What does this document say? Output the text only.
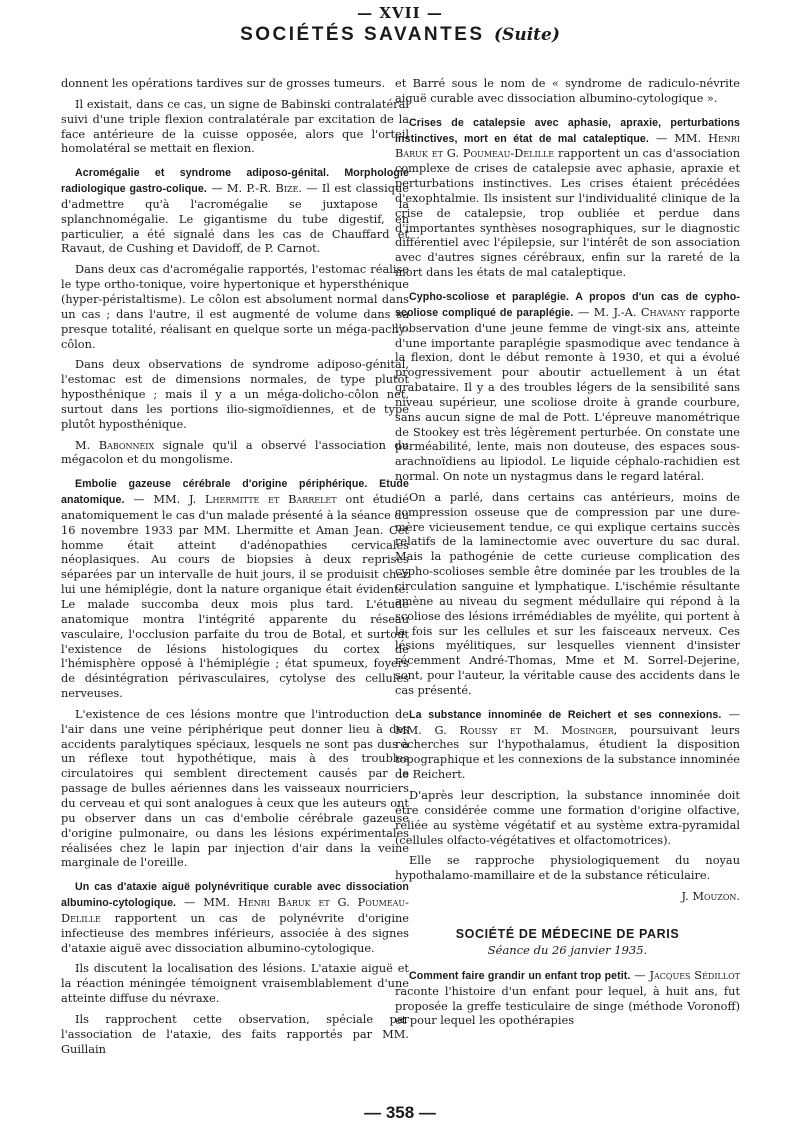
— XVII —
SOCIÉTÉS SAVANTES (Suite)

donnent les opérations tardives sur de grosses tumeurs.

Il existait, dans ce cas, un signe de Babinski contralatéral suivi d'une triple flexion contralatérale par excitation de la face antérieure de la cuisse opposée, alors que l'orteil homolatéral se mettait en flexion.

Acromégalie et syndrome adiposo-génital. Morphologie radiologique gastro-colique. — M. P.-R. Bize. — Il est classique d'admettre qu'à l'acromégalie se juxtapose la splanchnomégalie. Le gigantisme du tube digestif, en particulier, a été signalé dans les cas de Chauffard et Ravaut, de Cushing et Davidoff, de P. Carnot.

Dans deux cas d'acromégalie rapportés, l'estomac réalise le type ortho-tonique, voire hypertonique et hypersthénique (hyper-péristaltisme). Le côlon est absolument normal dans un cas ; dans l'autre, il est augmenté de volume dans sa presque totalité, réalisant en quelque sorte un méga-pachy-côlon.

Dans deux observations de syndrome adiposo-génital, l'estomac est de dimensions normales, de type plutôt hyposthénique ; mais il y a un méga-dolicho-côlon net, surtout dans les portions ilio-sigmoïdiennes, et de type plutôt hyposthénique.

M. Babonneix signale qu'il a observé l'association du mégacolon et du mongolisme.

Embolie gazeuse cérébrale d'origine périphérique. Etude anatomique. — MM. J. Lhermitte et Barrelet ont étudié anatomiquement le cas d'un malade présenté à la séance du 16 novembre 1933 par MM. Lhermitte et Aman Jean. Cet homme était atteint d'adénopathies cervicales néoplasiques. Au cours de biopsies à deux reprises séparées par un intervalle de huit jours, il se produisit chez lui une hémiplégie, dont la nature organique était évidente. Le malade succomba deux mois plus tard. L'étude anatomique montra l'intégrité apparente du réseau vasculaire, l'occlusion parfaite du trou de Botal, et surtout l'existence de lésions histologiques du cortex de l'hémisphère opposé à l'hémiplégie ; état spumeux, foyers de désintégration périvasculaires, cytolyse des cellules nerveuses.

L'existence de ces lésions montre que l'introduction de l'air dans une veine périphérique peut donner lieu à des accidents paralytiques spéciaux, lesquels ne sont pas dus à un réflexe tout hypothétique, mais à des troubles circulatoires qui semblent directement causés par le passage de bulles aériennes dans les vaisseaux nourriciers du cerveau et qui sont analogues à ceux que les auteurs ont pu observer dans un cas d'embolie cérébrale gazeuse d'origine pulmonaire, ou dans les lésions expérimentales réalisées chez le lapin par injection d'air dans la veine marginale de l'oreille.

Un cas d'ataxie aiguë polynévritique curable avec dissociation albumino-cytologique. — MM. Henri Baruk et G. Poumeau-Delille rapportent un cas de polynévrite d'origine infectieuse des membres inférieurs, associée à des signes d'ataxie aiguë avec dissociation albumino-cytologique.

Ils discutent la localisation des lésions. L'ataxie aiguë et la réaction méningée témoignent vraisemblablement d'une atteinte diffuse du névraxe.

Ils rapprochent cette observation, spéciale par l'association de l'ataxie, des faits rapportés par MM. Guillain

et Barré sous le nom de « syndrome de radiculo-névrite aiguë curable avec dissociation albumino-cytologique ».

Crises de catalepsie avec aphasie, apraxie, perturbations instinctives, mort en état de mal cataleptique. — MM. Henri Baruk et G. Poumeau-Delille rapportent un cas d'association complexe de crises de catalepsie avec aphasie, apraxie et perturbations instinctives. Les crises étaient précédées d'exophtalmie. Ils insistent sur l'individualité clinique de la crise de catalepsie, trop oubliée et perdue dans d'importantes synthèses nosographiques, sur le diagnostic différentiel avec l'épilepsie, sur l'intérêt de son association avec d'autres signes cérébraux, enfin sur la rareté de la mort dans les états de mal cataleptique.

Cypho-scoliose et paraplégie. A propos d'un cas de cypho-scoliose compliqué de paraplégie. — M. J.-A. Chavany rapporte l'observation d'une jeune femme de vingt-six ans, atteinte d'une importante paraplégie spasmodique avec tendance à la flexion, dont le début remonte à 1930, et qui a évolué progressivement pour aboutir actuellement à un état grabataire. Il y a des troubles légers de la sensibilité sans niveau supérieur, une scoliose droite à grande courbure, sans aucun signe de mal de Pott. L'épreuve manométrique de Stookey est très légèrement perturbée. On constate une perméabilité, lente, mais non douteuse, des espaces sous-arachnoïdiens au lipiodol. Le liquide céphalo-rachidien est normal. On note un nystagmus dans le regard latéral.

On a parlé, dans certains cas antérieurs, moins de compression osseuse que de compression par une dure-mère vicieusement tendue, ce qui explique certains succès relatifs de la laminectomie avec ouverture du sac dural. Mais la pathogénie de cette curieuse complication des cypho-scolioses semble être dominée par les troubles de la circulation sanguine et lymphatique. L'ischémie résultante amène au niveau du segment médullaire qui répond à la scoliose des lésions irrémédiables de myélite, qui portent à la fois sur les cellules et sur les faisceaux nerveux. Ces lésions myélitiques, sur lesquelles viennent d'insister récemment André-Thomas, Mme et M. Sorrel-Dejerine, sont, pour l'auteur, la véritable cause des accidents dans le cas présenté.

La substance innominée de Reichert et ses connexions. — MM. G. Roussy et M. Mosinger, poursuivant leurs recherches sur l'hypothalamus, étudient la disposition topographique et les connexions de la substance innominée de Reichert.

D'après leur description, la substance innominée doit être considérée comme une formation d'origine olfactive, reliée au système végétatif et au système extra-pyramidal (cellules olfacto-végétatives et olfactomotrices).

Elle se rapproche physiologiquement du noyau hypothalamo-mamillaire et de la substance réticulaire.

J. Mouzon.

SOCIÉTÉ DE MÉDECINE DE PARIS
Séance du 26 janvier 1935.

Comment faire grandir un enfant trop petit. — Jacques Sédillot raconte l'histoire d'un enfant pour lequel, à huit ans, fut proposée la greffe testiculaire de singe (méthode Voronoff) et pour lequel les opothérapies

— 358 —
